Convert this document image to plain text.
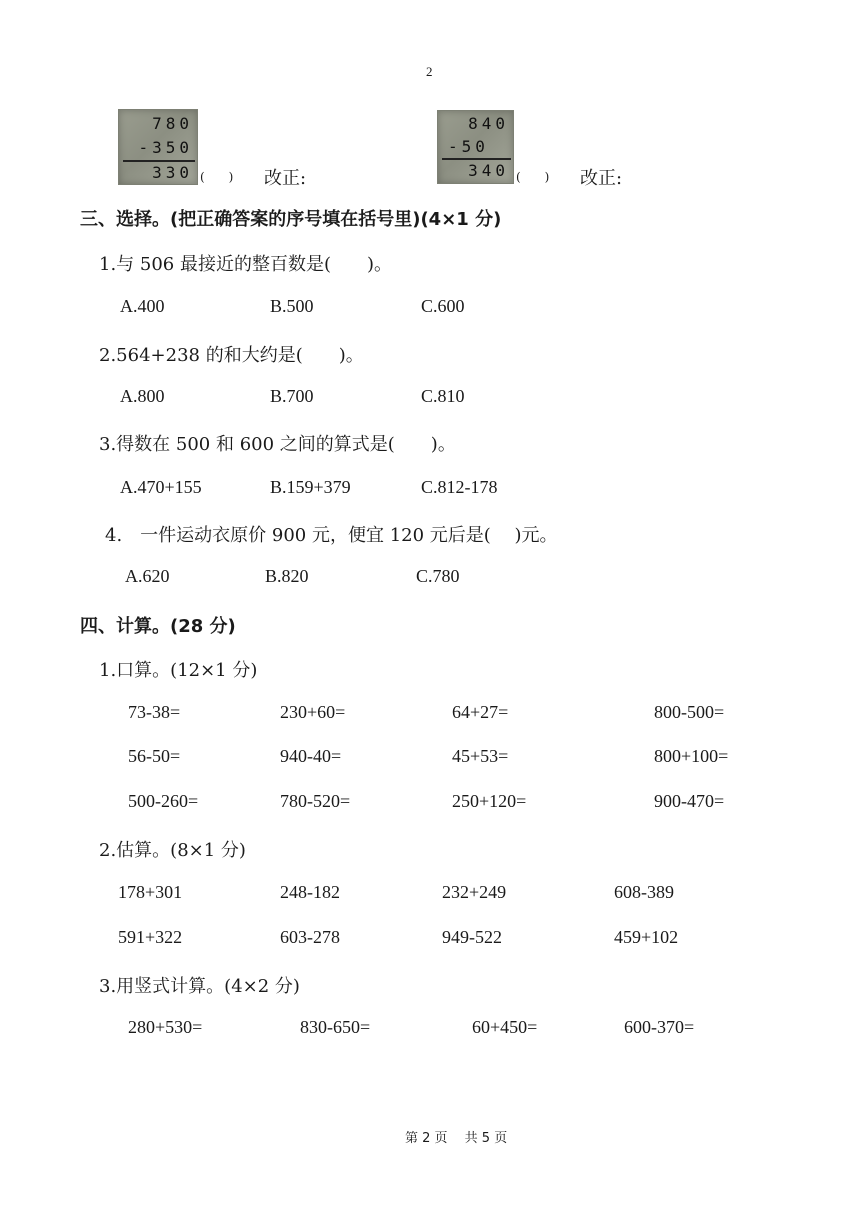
2
780
-350
330 (　　) 改正:
840
-50
340 (　　) 改正:
三、选择。(把正确答案的序号填在括号里)(4×1 分)
1.与 506 最接近的整百数是(　　)。
A.400	B.500	C.600
2.564+238 的和大约是(　　)。
A.800	B.700	C.810
3.得数在 500 和 600 之间的算式是(　　)。
A.470+155	B.159+379	C.812-178
4.　一件运动衣原价 900 元，便宜 120 元后是(　 )元。
A.620	B.820	C.780
四、计算。(28 分)
1.口算。(12×1 分)
73-38=	230+60=	64+27=	800-500=
56-50=	940-40=	45+53=	800+100=
500-260=	780-520=	250+120=	900-470=
2.估算。(8×1 分)
178+301	248-182	232+249	608-389
591+322	603-278	949-522	459+102
3.用竖式计算。(4×2 分)
280+530=	830-650=	60+450=	600-370=
第 2 页　 共 5 页
